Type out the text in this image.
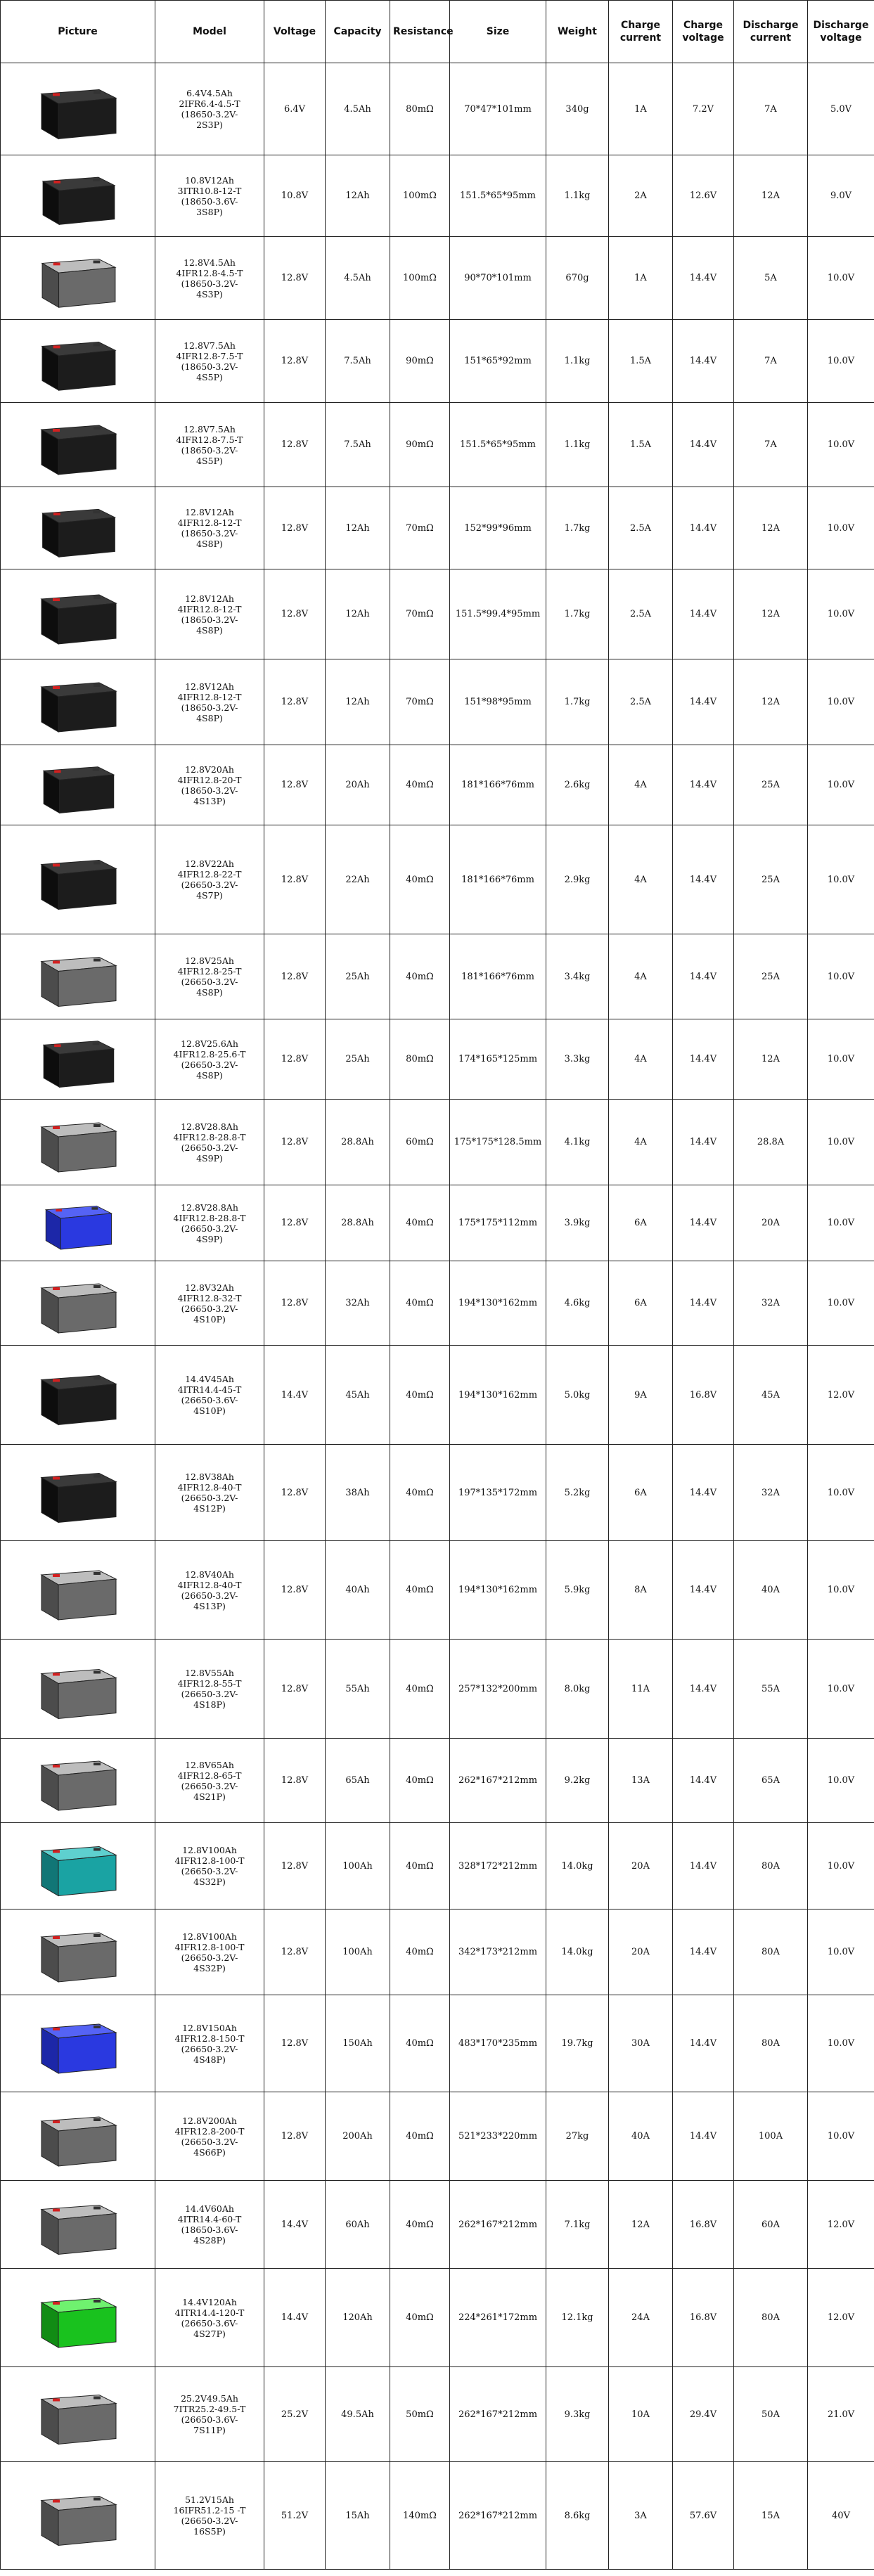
Picture	Model	Voltage	Capacity	Resistance	Size	Weight	Charge current	Charge voltage	Discharge current	Discharge voltage

	6.4V4.5Ah
2IFR6.4-4.5-T
(18650-3.2V-
2S3P)	6.4V	4.5Ah	80mΩ	70*47*101mm	340g	1A	7.2V	7A	5.0V

	10.8V12Ah
3ITR10.8-12-T
(18650-3.6V-
3S8P)	10.8V	12Ah	100mΩ	151.5*65*95mm	1.1kg	2A	12.6V	12A	9.0V

	12.8V4.5Ah
4IFR12.8-4.5-T
(18650-3.2V-
4S3P)	12.8V	4.5Ah	100mΩ	90*70*101mm	670g	1A	14.4V	5A	10.0V

	12.8V7.5Ah
4IFR12.8-7.5-T
(18650-3.2V-
4S5P)	12.8V	7.5Ah	90mΩ	151*65*92mm	1.1kg	1.5A	14.4V	7A	10.0V

	12.8V7.5Ah
4IFR12.8-7.5-T
(18650-3.2V-
4S5P)	12.8V	7.5Ah	90mΩ	151.5*65*95mm	1.1kg	1.5A	14.4V	7A	10.0V

	12.8V12Ah
4IFR12.8-12-T
(18650-3.2V-
4S8P)	12.8V	12Ah	70mΩ	152*99*96mm	1.7kg	2.5A	14.4V	12A	10.0V

	12.8V12Ah
4IFR12.8-12-T
(18650-3.2V-
4S8P)	12.8V	12Ah	70mΩ	151.5*99.4*95mm	1.7kg	2.5A	14.4V	12A	10.0V

	12.8V12Ah
4IFR12.8-12-T
(18650-3.2V-
4S8P)	12.8V	12Ah	70mΩ	151*98*95mm	1.7kg	2.5A	14.4V	12A	10.0V

	12.8V20Ah
4IFR12.8-20-T
(18650-3.2V-
4S13P)	12.8V	20Ah	40mΩ	181*166*76mm	2.6kg	4A	14.4V	25A	10.0V

	12.8V22Ah
4IFR12.8-22-T
(26650-3.2V-
4S7P)	12.8V	22Ah	40mΩ	181*166*76mm	2.9kg	4A	14.4V	25A	10.0V

	12.8V25Ah
4IFR12.8-25-T
(26650-3.2V-
4S8P)	12.8V	25Ah	40mΩ	181*166*76mm	3.4kg	4A	14.4V	25A	10.0V

	12.8V25.6Ah
4IFR12.8-25.6-T
(26650-3.2V-
4S8P)	12.8V	25Ah	80mΩ	174*165*125mm	3.3kg	4A	14.4V	12A	10.0V

	12.8V28.8Ah
4IFR12.8-28.8-T
(26650-3.2V-
4S9P)	12.8V	28.8Ah	60mΩ	175*175*128.5mm	4.1kg	4A	14.4V	28.8A	10.0V

	12.8V28.8Ah
4IFR12.8-28.8-T
(26650-3.2V-
4S9P)	12.8V	28.8Ah	40mΩ	175*175*112mm	3.9kg	6A	14.4V	20A	10.0V

	12.8V32Ah
4IFR12.8-32-T
(26650-3.2V-
4S10P)	12.8V	32Ah	40mΩ	194*130*162mm	4.6kg	6A	14.4V	32A	10.0V

	14.4V45Ah
4ITR14.4-45-T
(26650-3.6V-
4S10P)	14.4V	45Ah	40mΩ	194*130*162mm	5.0kg	9A	16.8V	45A	12.0V

	12.8V38Ah
4IFR12.8-40-T
(26650-3.2V-
4S12P)	12.8V	38Ah	40mΩ	197*135*172mm	5.2kg	6A	14.4V	32A	10.0V

	12.8V40Ah
4IFR12.8-40-T
(26650-3.2V-
4S13P)	12.8V	40Ah	40mΩ	194*130*162mm	5.9kg	8A	14.4V	40A	10.0V

	12.8V55Ah
4IFR12.8-55-T
(26650-3.2V-
4S18P)	12.8V	55Ah	40mΩ	257*132*200mm	8.0kg	11A	14.4V	55A	10.0V

	12.8V65Ah
4IFR12.8-65-T
(26650-3.2V-
4S21P)	12.8V	65Ah	40mΩ	262*167*212mm	9.2kg	13A	14.4V	65A	10.0V

	12.8V100Ah
4IFR12.8-100-T
(26650-3.2V-
4S32P)	12.8V	100Ah	40mΩ	328*172*212mm	14.0kg	20A	14.4V	80A	10.0V

	12.8V100Ah
4IFR12.8-100-T
(26650-3.2V-
4S32P)	12.8V	100Ah	40mΩ	342*173*212mm	14.0kg	20A	14.4V	80A	10.0V

	12.8V150Ah
4IFR12.8-150-T
(26650-3.2V-
4S48P)	12.8V	150Ah	40mΩ	483*170*235mm	19.7kg	30A	14.4V	80A	10.0V

	12.8V200Ah
4IFR12.8-200-T
(26650-3.2V-
4S66P)	12.8V	200Ah	40mΩ	521*233*220mm	27kg	40A	14.4V	100A	10.0V

	14.4V60Ah
4ITR14.4-60-T
(18650-3.6V-
4S28P)	14.4V	60Ah	40mΩ	262*167*212mm	7.1kg	12A	16.8V	60A	12.0V

	14.4V120Ah
4ITR14.4-120-T
(26650-3.6V-
4S27P)	14.4V	120Ah	40mΩ	224*261*172mm	12.1kg	24A	16.8V	80A	12.0V

	25.2V49.5Ah
7ITR25.2-49.5-T
(26650-3.6V-
7S11P)	25.2V	49.5Ah	50mΩ	262*167*212mm	9.3kg	10A	29.4V	50A	21.0V

	51.2V15Ah
16IFR51.2-15 -T
(26650-3.2V-
16S5P)	51.2V	15Ah	140mΩ	262*167*212mm	8.6kg	3A	57.6V	15A	40V
